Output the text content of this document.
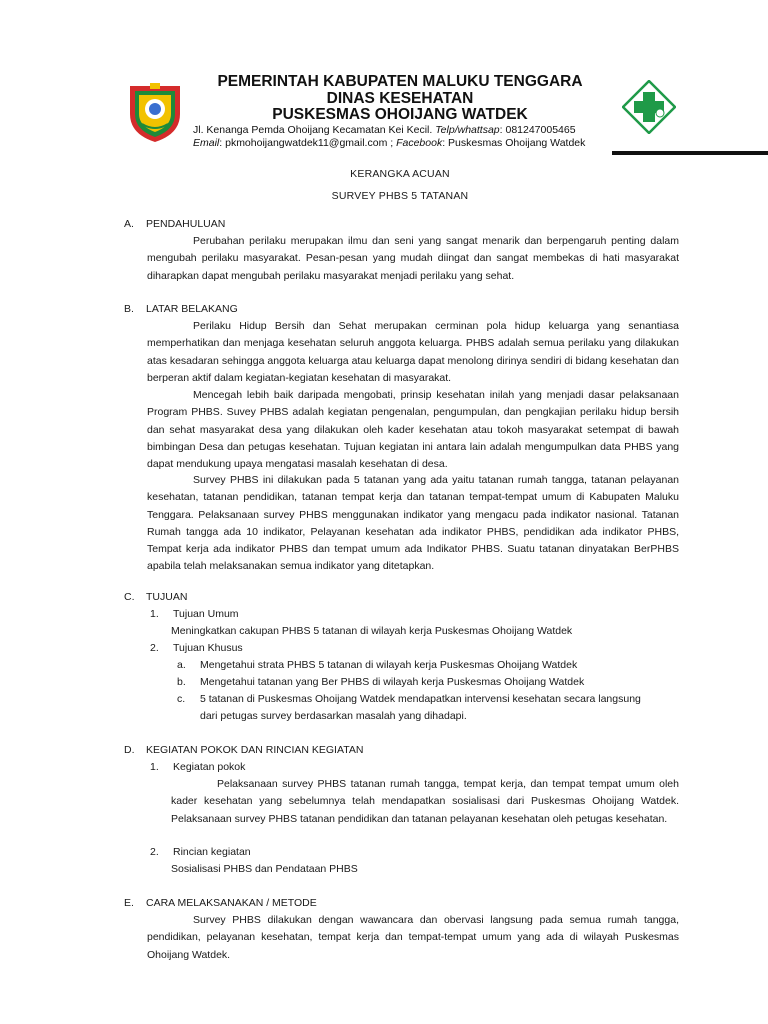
PEMERINTAH KABUPATEN MALUKU TENGGARA
DINAS KESEHATAN
PUSKESMAS OHOIJANG WATDEK
Jl. Kenanga Pemda Ohoijang Kecamatan Kei Kecil. Telp/whattsap: 081247005465
Email: pkmohoijangwatdek11@gmail.com ; Facebook: Puskesmas Ohoijang Watdek
KERANGKA ACUAN
SURVEY PHBS 5 TATANAN
A. PENDAHULUAN
Perubahan perilaku merupakan ilmu dan seni yang sangat menarik dan berpengaruh penting dalam mengubah perilaku masyarakat. Pesan-pesan yang mudah diingat dan sangat membekas di hati masyarakat diharapkan dapat mengubah perilaku masyarakat menjadi perilaku yang sehat.
B. LATAR BELAKANG
Perilaku Hidup Bersih dan Sehat merupakan cerminan pola hidup keluarga yang senantiasa memperhatikan dan menjaga kesehatan seluruh anggota keluarga. PHBS adalah semua perilaku yang dilakukan atas kesadaran sehingga anggota keluarga atau keluarga dapat menolong dirinya sendiri di bidang kesehatan dan berperan aktif dalam kegiatan-kegiatan kesehatan di masyarakat.
Mencegah lebih baik daripada mengobati, prinsip kesehatan inilah yang menjadi dasar pelaksanaan Program PHBS. Suvey PHBS adalah kegiatan pengenalan, pengumpulan, dan pengkajian perilaku hidup bersih dan sehat masyarakat desa yang dilakukan oleh kader kesehatan atau tokoh masyarakat setempat di bawah bimbingan Desa dan petugas kesehatan. Tujuan kegiatan ini antara lain adalah mengumpulkan data PHBS yang dapat mendukung upaya mengatasi masalah kesehatan di desa.
Survey PHBS ini dilakukan pada 5 tatanan yang ada yaitu tatanan rumah tangga, tatanan pelayanan kesehatan, tatanan pendidikan, tatanan tempat kerja dan tatanan tempat-tempat umum di Kabupaten Maluku Tenggara. Pelaksanaan survey PHBS menggunakan indikator yang mengacu pada indikator nasional. Tatanan Rumah tangga ada 10 indikator, Pelayanan kesehatan ada indikator PHBS, pendidikan ada indikator PHBS, Tempat kerja ada indikator PHBS dan tempat umum ada Indikator PHBS. Suatu tatanan dinyatakan BerPHBS apabila telah melaksanakan semua indikator yang ditetapkan.
C. TUJUAN
1. Tujuan Umum
Meningkatkan cakupan PHBS 5 tatanan di wilayah kerja Puskesmas Ohoijang Watdek
2. Tujuan Khusus
a. Mengetahui strata PHBS 5 tatanan di wilayah kerja Puskesmas Ohoijang Watdek
b. Mengetahui tatanan yang Ber PHBS di wilayah kerja Puskesmas Ohoijang Watdek
c. 5 tatanan di Puskesmas Ohoijang Watdek mendapatkan intervensi kesehatan secara langsung
dari petugas survey berdasarkan masalah yang dihadapi.
D. KEGIATAN POKOK DAN RINCIAN KEGIATAN
1. Kegiatan pokok
Pelaksanaan survey PHBS tatanan rumah tangga, tempat kerja, dan tempat tempat umum oleh kader kesehatan yang sebelumnya telah mendapatkan sosialisasi dari Puskesmas Ohoijang Watdek. Pelaksanaan survey PHBS tatanan pendidikan dan tatanan pelayanan kesehatan oleh petugas kesehatan.
2. Rincian kegiatan
Sosialisasi PHBS dan Pendataan PHBS
E. CARA MELAKSANAKAN / METODE
Survey PHBS dilakukan dengan wawancara dan obervasi langsung pada semua rumah tangga, pendidikan, pelayanan kesehatan, tempat kerja dan tempat-tempat umum yang ada di wilayah Puskesmas Ohoijang Watdek.
